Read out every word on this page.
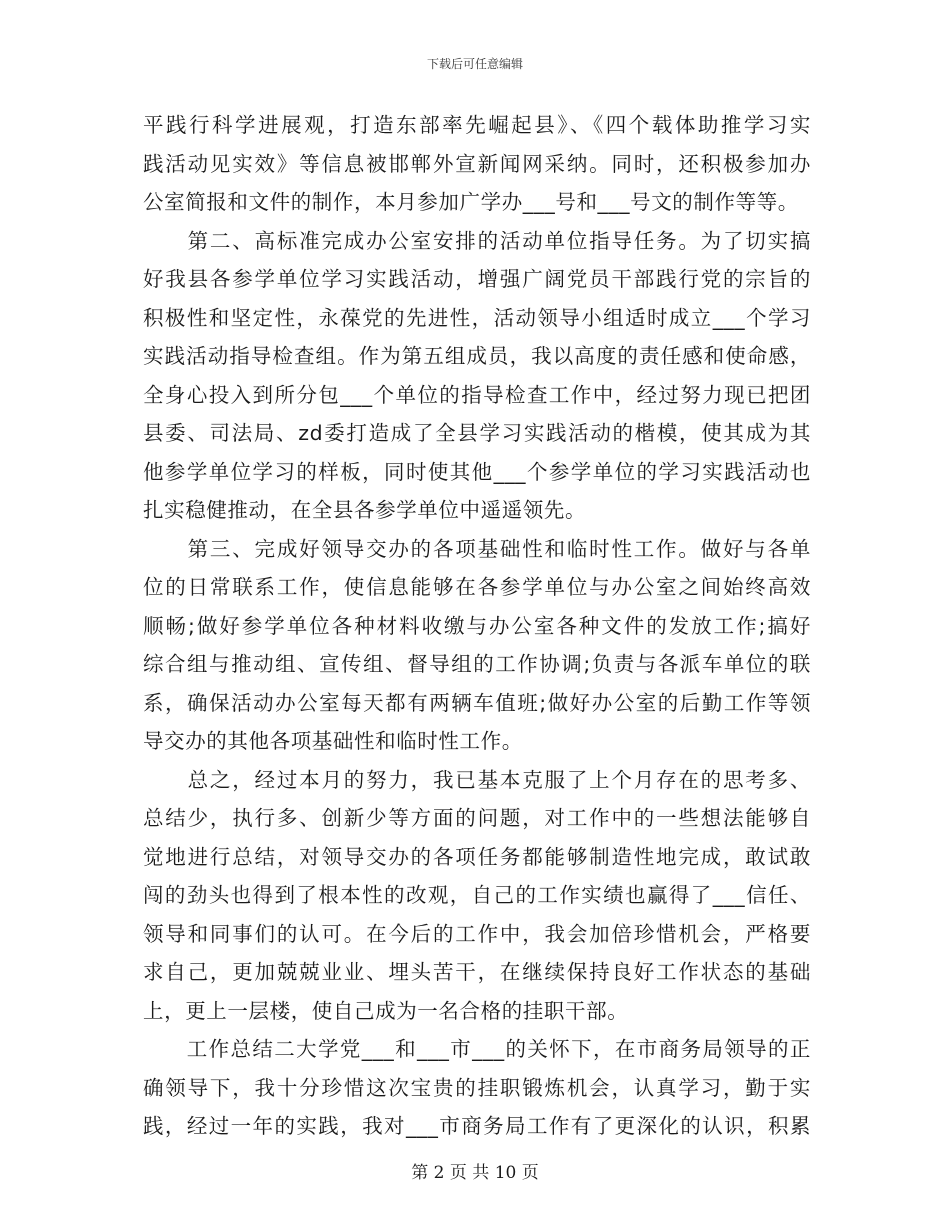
下载后可任意编辑
平践行科学进展观，打造东部率先崛起县》、《四个载体助推学习实
践活动见实效》等信息被邯郸外宣新闻网采纳。同时，还积极参加办
公室简报和文件的制作，本月参加广学办___号和___号文的制作等等。
　　第二、高标准完成办公室安排的活动单位指导任务。为了切实搞
好我县各参学单位学习实践活动，增强广阔党员干部践行党的宗旨的
积极性和坚定性，永葆党的先进性，活动领导小组适时成立___个学习
实践活动指导检查组。作为第五组成员，我以高度的责任感和使命感，
全身心投入到所分包___个单位的指导检查工作中，经过努力现已把团
县委、司法局、zd委打造成了全县学习实践活动的楷模，使其成为其
他参学单位学习的样板，同时使其他___个参学单位的学习实践活动也
扎实稳健推动，在全县各参学单位中遥遥领先。
　　第三、完成好领导交办的各项基础性和临时性工作。做好与各单
位的日常联系工作，使信息能够在各参学单位与办公室之间始终高效
顺畅;做好参学单位各种材料收缴与办公室各种文件的发放工作;搞好
综合组与推动组、宣传组、督导组的工作协调;负责与各派车单位的联
系，确保活动办公室每天都有两辆车值班;做好办公室的后勤工作等领
导交办的其他各项基础性和临时性工作。
　　总之，经过本月的努力，我已基本克服了上个月存在的思考多、
总结少，执行多、创新少等方面的问题，对工作中的一些想法能够自
觉地进行总结，对领导交办的各项任务都能够制造性地完成，敢试敢
闯的劲头也得到了根本性的改观，自己的工作实绩也赢得了___信任、
领导和同事们的认可。在今后的工作中，我会加倍珍惜机会，严格要
求自己，更加兢兢业业、埋头苦干，在继续保持良好工作状态的基础
上，更上一层楼，使自己成为一名合格的挂职干部。
　　工作总结二大学党___和___市___的关怀下，在市商务局领导的正
确领导下，我十分珍惜这次宝贵的挂职锻炼机会，认真学习，勤于实
践，经过一年的实践，我对___市商务局工作有了更深化的认识，积累
第 2 页 共 10 页
